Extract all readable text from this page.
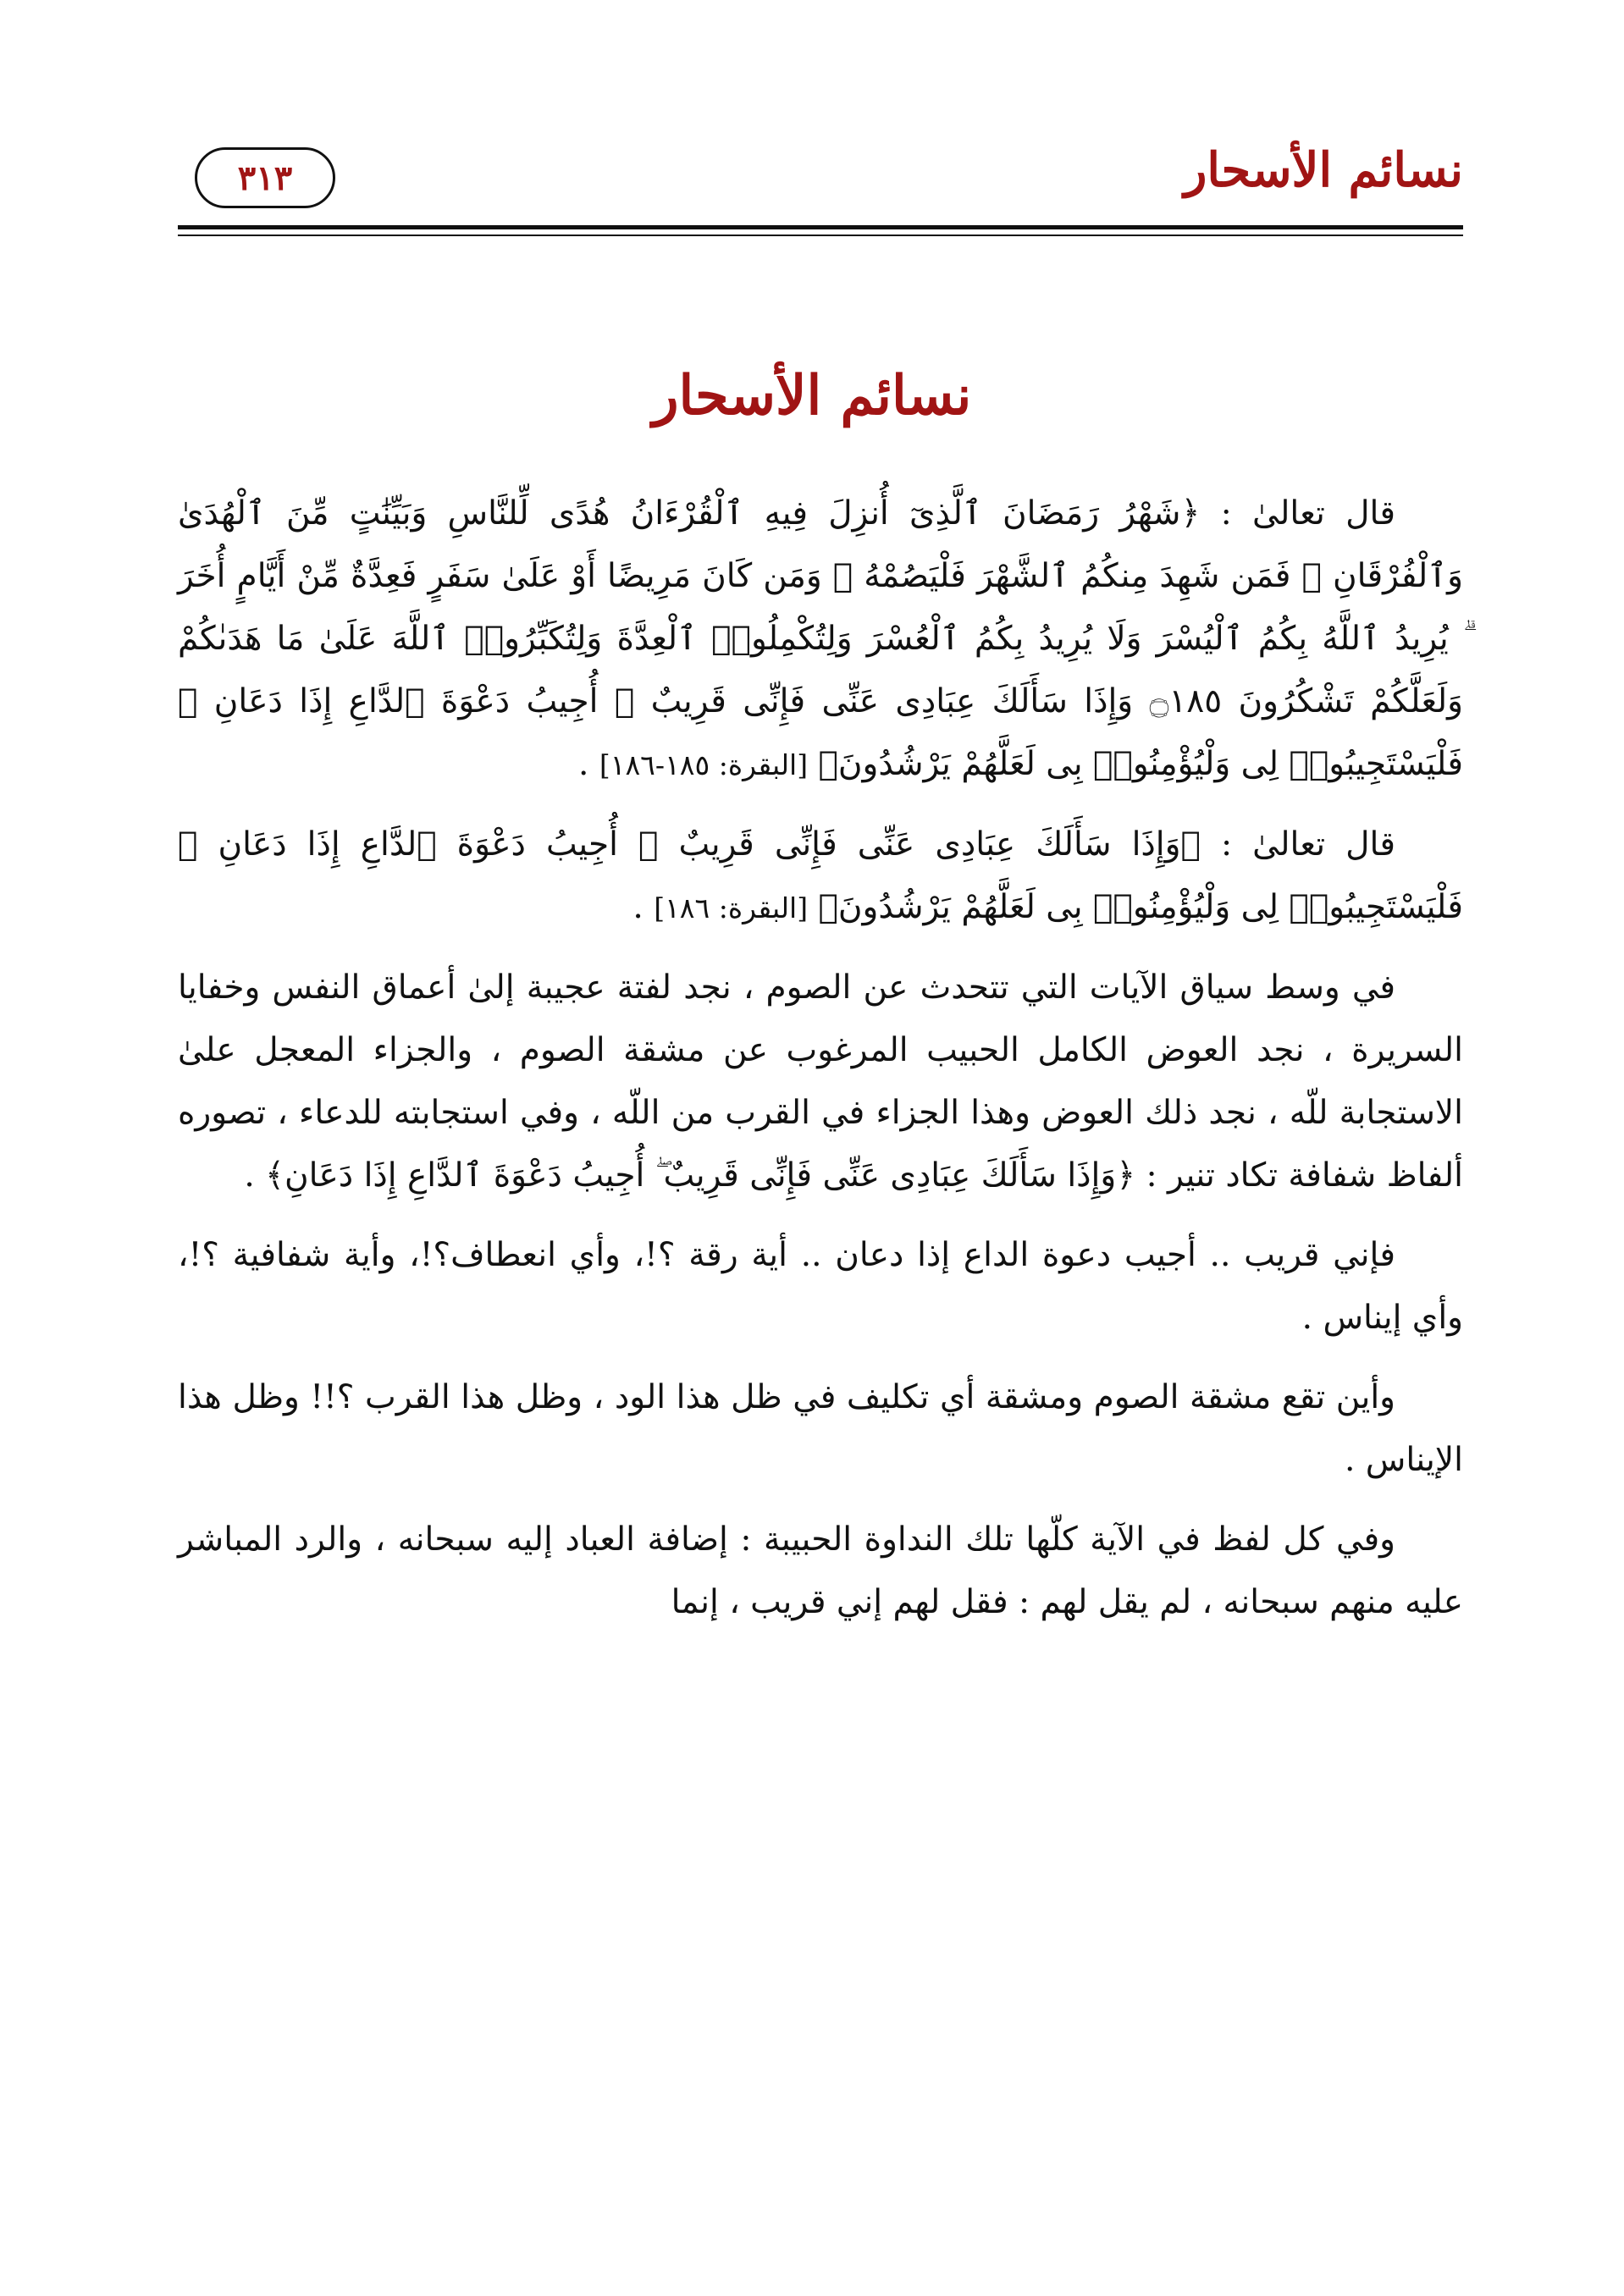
نسائم الأسحار
٣١٣
نسائم الأسحار

قال تعالىٰ : ﴿شَهْرُ رَمَضَانَ ٱلَّذِىٓ أُنزِلَ فِيهِ ٱلْقُرْءَانُ هُدًى لِّلنَّاسِ وَبَيِّنَٰتٍ مِّنَ ٱلْهُدَىٰ وَٱلْفُرْقَانِ ۚ فَمَن شَهِدَ مِنكُمُ ٱلشَّهْرَ فَلْيَصُمْهُ ۖ وَمَن كَانَ مَرِيضًا أَوْ عَلَىٰ سَفَرٍ فَعِدَّةٌ مِّنْ أَيَّامٍ أُخَرَ ۗ يُرِيدُ ٱللَّهُ بِكُمُ ٱلْيُسْرَ وَلَا يُرِيدُ بِكُمُ ٱلْعُسْرَ وَلِتُكْمِلُوا۟ ٱلْعِدَّةَ وَلِتُكَبِّرُوا۟ ٱللَّهَ عَلَىٰ مَا هَدَىٰكُمْ وَلَعَلَّكُمْ تَشْكُرُونَ ۝١٨٥ وَإِذَا سَأَلَكَ عِبَادِى عَنِّى فَإِنِّى قَرِيبٌ ۖ أُجِيبُ دَعْوَةَ ٱلدَّاعِ إِذَا دَعَانِ ۖ فَلْيَسْتَجِيبُوا۟ لِى وَلْيُؤْمِنُوا۟ بِى لَعَلَّهُمْ يَرْشُدُونَ﴾ [البقرة: ١٨٥-١٨٦] .

قال تعالىٰ : ﴿وَإِذَا سَأَلَكَ عِبَادِى عَنِّى فَإِنِّى قَرِيبٌ ۖ أُجِيبُ دَعْوَةَ ٱلدَّاعِ إِذَا دَعَانِ ۖ فَلْيَسْتَجِيبُوا۟ لِى وَلْيُؤْمِنُوا۟ بِى لَعَلَّهُمْ يَرْشُدُونَ﴾ [البقرة: ١٨٦] .

في وسط سياق الآيات التي تتحدث عن الصوم ، نجد لفتة عجيبة إلىٰ أعماق النفس وخفايا السريرة ، نجد العوض الكامل الحبيب المرغوب عن مشقة الصوم ، والجزاء المعجل علىٰ الاستجابة للّه ، نجد ذلك العوض وهذا الجزاء في القرب من اللّه ، وفي استجابته للدعاء ، تصوره ألفاظ شفافة تكاد تنير : ﴿وَإِذَا سَأَلَكَ عِبَادِى عَنِّى فَإِنِّى قَرِيبٌ ۖ أُجِيبُ دَعْوَةَ ٱلدَّاعِ إِذَا دَعَانِ﴾ .

فإني قريب .. أجيب دعوة الداع إذا دعان .. أية رقة ؟!، وأي انعطاف؟!، وأية شفافية ؟!، وأي إيناس .

وأين تقع مشقة الصوم ومشقة أي تكليف في ظل هذا الود ، وظل هذا القرب ؟!! وظل هذا الإيناس .

وفي كل لفظ في الآية كلّها تلك النداوة الحبيبة : إضافة العباد إليه سبحانه ، والرد المباشر عليه منهم سبحانه ، لم يقل لهم : فقل لهم إني قريب ، إنما
